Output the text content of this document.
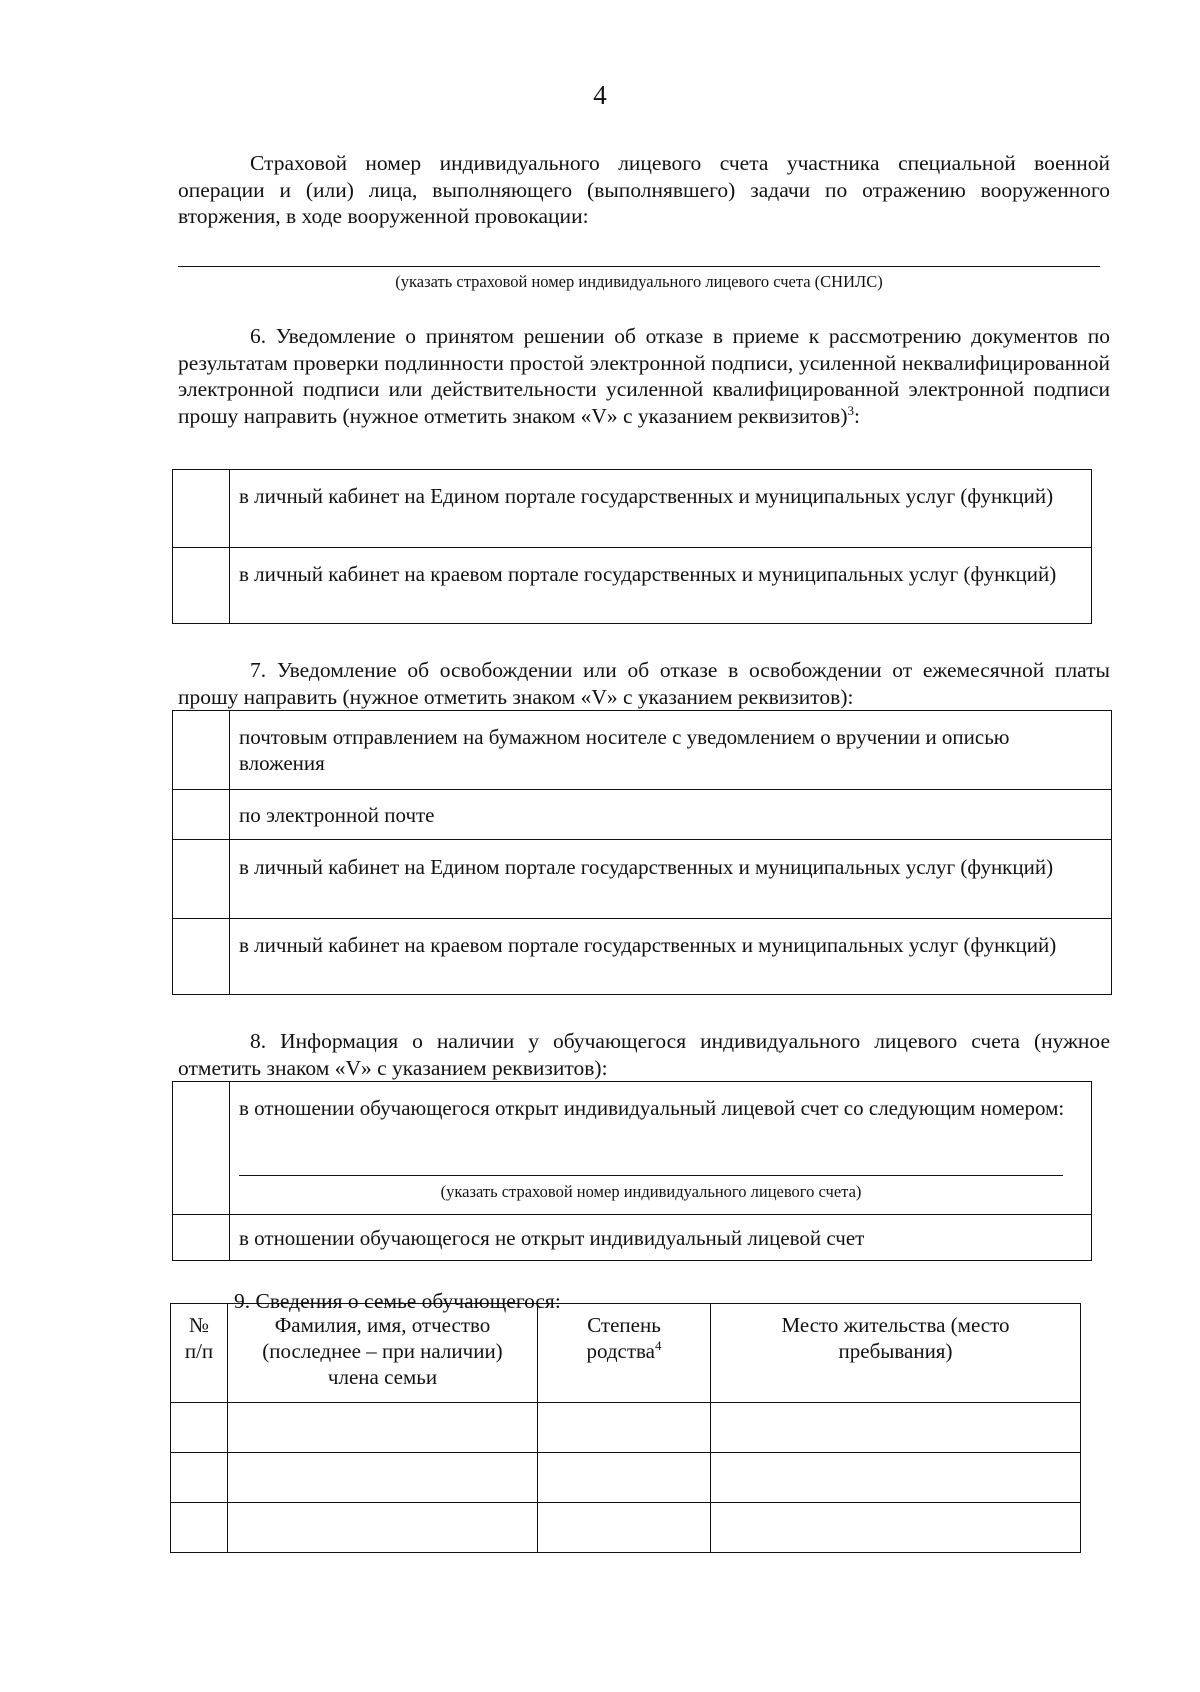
4
Страховой номер индивидуального лицевого счета участника специальной военной операции и (или) лица, выполняющего (выполнявшего) задачи по отражению вооруженного вторжения, в ходе вооруженной провокации:
(указать страховой номер индивидуального лицевого счета (СНИЛС)
6. Уведомление о принятом решении об отказе в приеме к рассмотрению документов по результатам проверки подлинности простой электронной подписи, усиленной неквалифицированной электронной подписи или действительности усиленной квалифицированной электронной подписи прошу направить (нужное отметить знаком «V» с указанием реквизитов)$^3$:
в личный кабинет на Едином портале государственных и муниципальных услуг (функций)
в личный кабинет на краевом портале государственных и муниципальных услуг (функций)
7. Уведомление об освобождении или об отказе в освобождении от ежемесячной платы прошу направить (нужное отметить знаком «V» с указанием реквизитов):
почтовым отправлением на бумажном носителе с уведомлением о вручении и описью вложения
по электронной почте
в личный кабинет на Едином портале государственных и муниципальных услуг (функций)
в личный кабинет на краевом портале государственных и муниципальных услуг (функций)
8. Информация о наличии у обучающегося индивидуального лицевого счета (нужное отметить знаком «V» с указанием реквизитов):
в отношении обучающегося открыт индивидуальный лицевой счет со следующим номером:
(указать страховой номер индивидуального лицевого счета)
в отношении обучающегося не открыт индивидуальный лицевой счет
9. Сведения о семье обучающегося:
№ п/п	Фамилия, имя, отчество (последнее – при наличии) члена семьи	Степень родства$^4$	Место жительства (место пребывания)
